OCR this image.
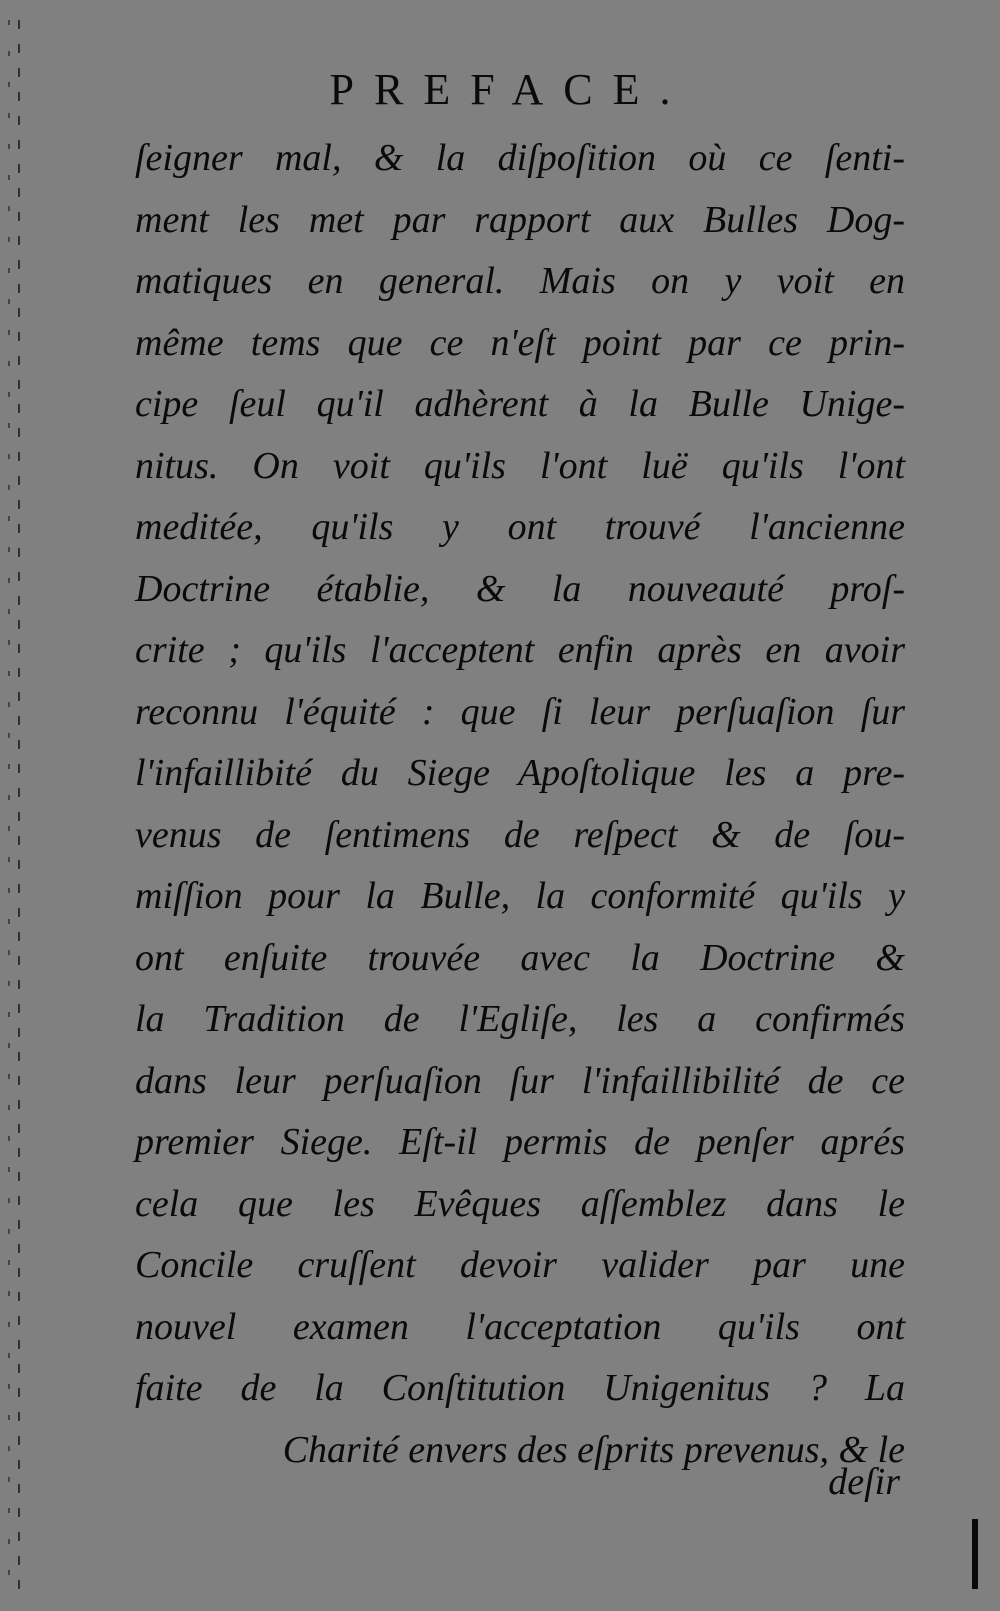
PREFACE.
ſeigner mal, & la diſpoſition où ce ſenti-
ment les met par rapport aux Bulles Dog-
matiques en general. Mais on y voit en
même tems que ce n'eſt point par ce prin-
cipe ſeul qu'il adhèrent à la Bulle Unige-
nitus. On voit qu'ils l'ont luë qu'ils l'ont
meditée, qu'ils y ont trouvé l'ancienne
Doctrine établie, & la nouveauté proſ-
crite ; qu'ils l'acceptent enfin après en avoir
reconnu l'équité : que ſi leur perſuaſion ſur
l'infaillibité du Siege Apoſtolique les a pre-
venus de ſentimens de reſpect & de ſou-
miſſion pour la Bulle, la conformité qu'ils y
ont enſuite trouvée avec la Doctrine &
la Tradition de l'Egliſe, les a confirmés
dans leur perſuaſion ſur l'infaillibilité de ce
premier Siege. Eſt-il permis de penſer aprés
cela que les Evêques aſſemblez dans le
Concile cruſſent devoir valider par une
nouvel examen l'acceptation qu'ils ont
faite de la Conſtitution Unigenitus ? La
Charité envers des eſprits prevenus, & le
deſir
